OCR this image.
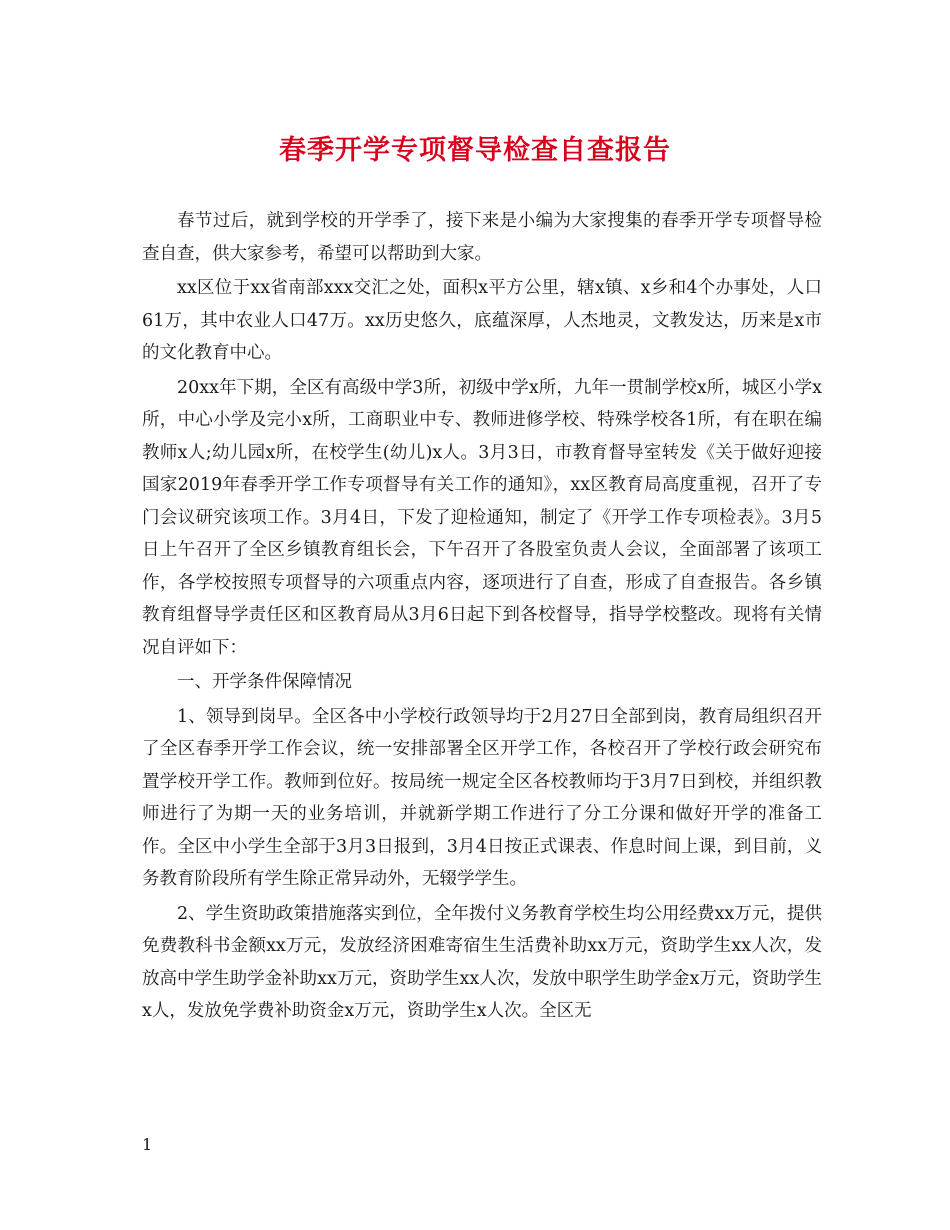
春季开学专项督导检查自查报告

春节过后，就到学校的开学季了，接下来是小编为大家搜集的春季开学专项督导检查自查，供大家参考，希望可以帮助到大家。

xx区位于xx省南部xxx交汇之处，面积x平方公里，辖x镇、x乡和4个办事处，人口61万，其中农业人口47万。xx历史悠久，底蕴深厚，人杰地灵，文教发达，历来是x市的文化教育中心。

20xx年下期，全区有高级中学3所，初级中学x所，九年一贯制学校x所，城区小学x所，中心小学及完小x所，工商职业中专、教师进修学校、特殊学校各1所，有在职在编教师x人;幼儿园x所，在校学生(幼儿)x人。3月3日，市教育督导室转发《关于做好迎接国家2019年春季开学工作专项督导有关工作的通知》，xx区教育局高度重视，召开了专门会议研究该项工作。3月4日，下发了迎检通知，制定了《开学工作专项检表》。3月5日上午召开了全区乡镇教育组长会，下午召开了各股室负责人会议，全面部署了该项工作，各学校按照专项督导的六项重点内容，逐项进行了自查，形成了自查报告。各乡镇教育组督导学责任区和区教育局从3月6日起下到各校督导，指导学校整改。现将有关情况自评如下：

一、开学条件保障情况

1、领导到岗早。全区各中小学校行政领导均于2月27日全部到岗，教育局组织召开了全区春季开学工作会议，统一安排部署全区开学工作，各校召开了学校行政会研究布置学校开学工作。教师到位好。按局统一规定全区各校教师均于3月7日到校，并组织教师进行了为期一天的业务培训，并就新学期工作进行了分工分课和做好开学的准备工作。全区中小学生全部于3月3日报到，3月4日按正式课表、作息时间上课，到目前，义务教育阶段所有学生除正常异动外，无辍学学生。

2、学生资助政策措施落实到位，全年拨付义务教育学校生均公用经费xx万元，提供免费教科书金额xx万元，发放经济困难寄宿生生活费补助xx万元，资助学生xx人次，发放高中学生助学金补助xx万元，资助学生xx人次，发放中职学生助学金x万元，资助学生x人，发放免学费补助资金x万元，资助学生x人次。全区无

1
